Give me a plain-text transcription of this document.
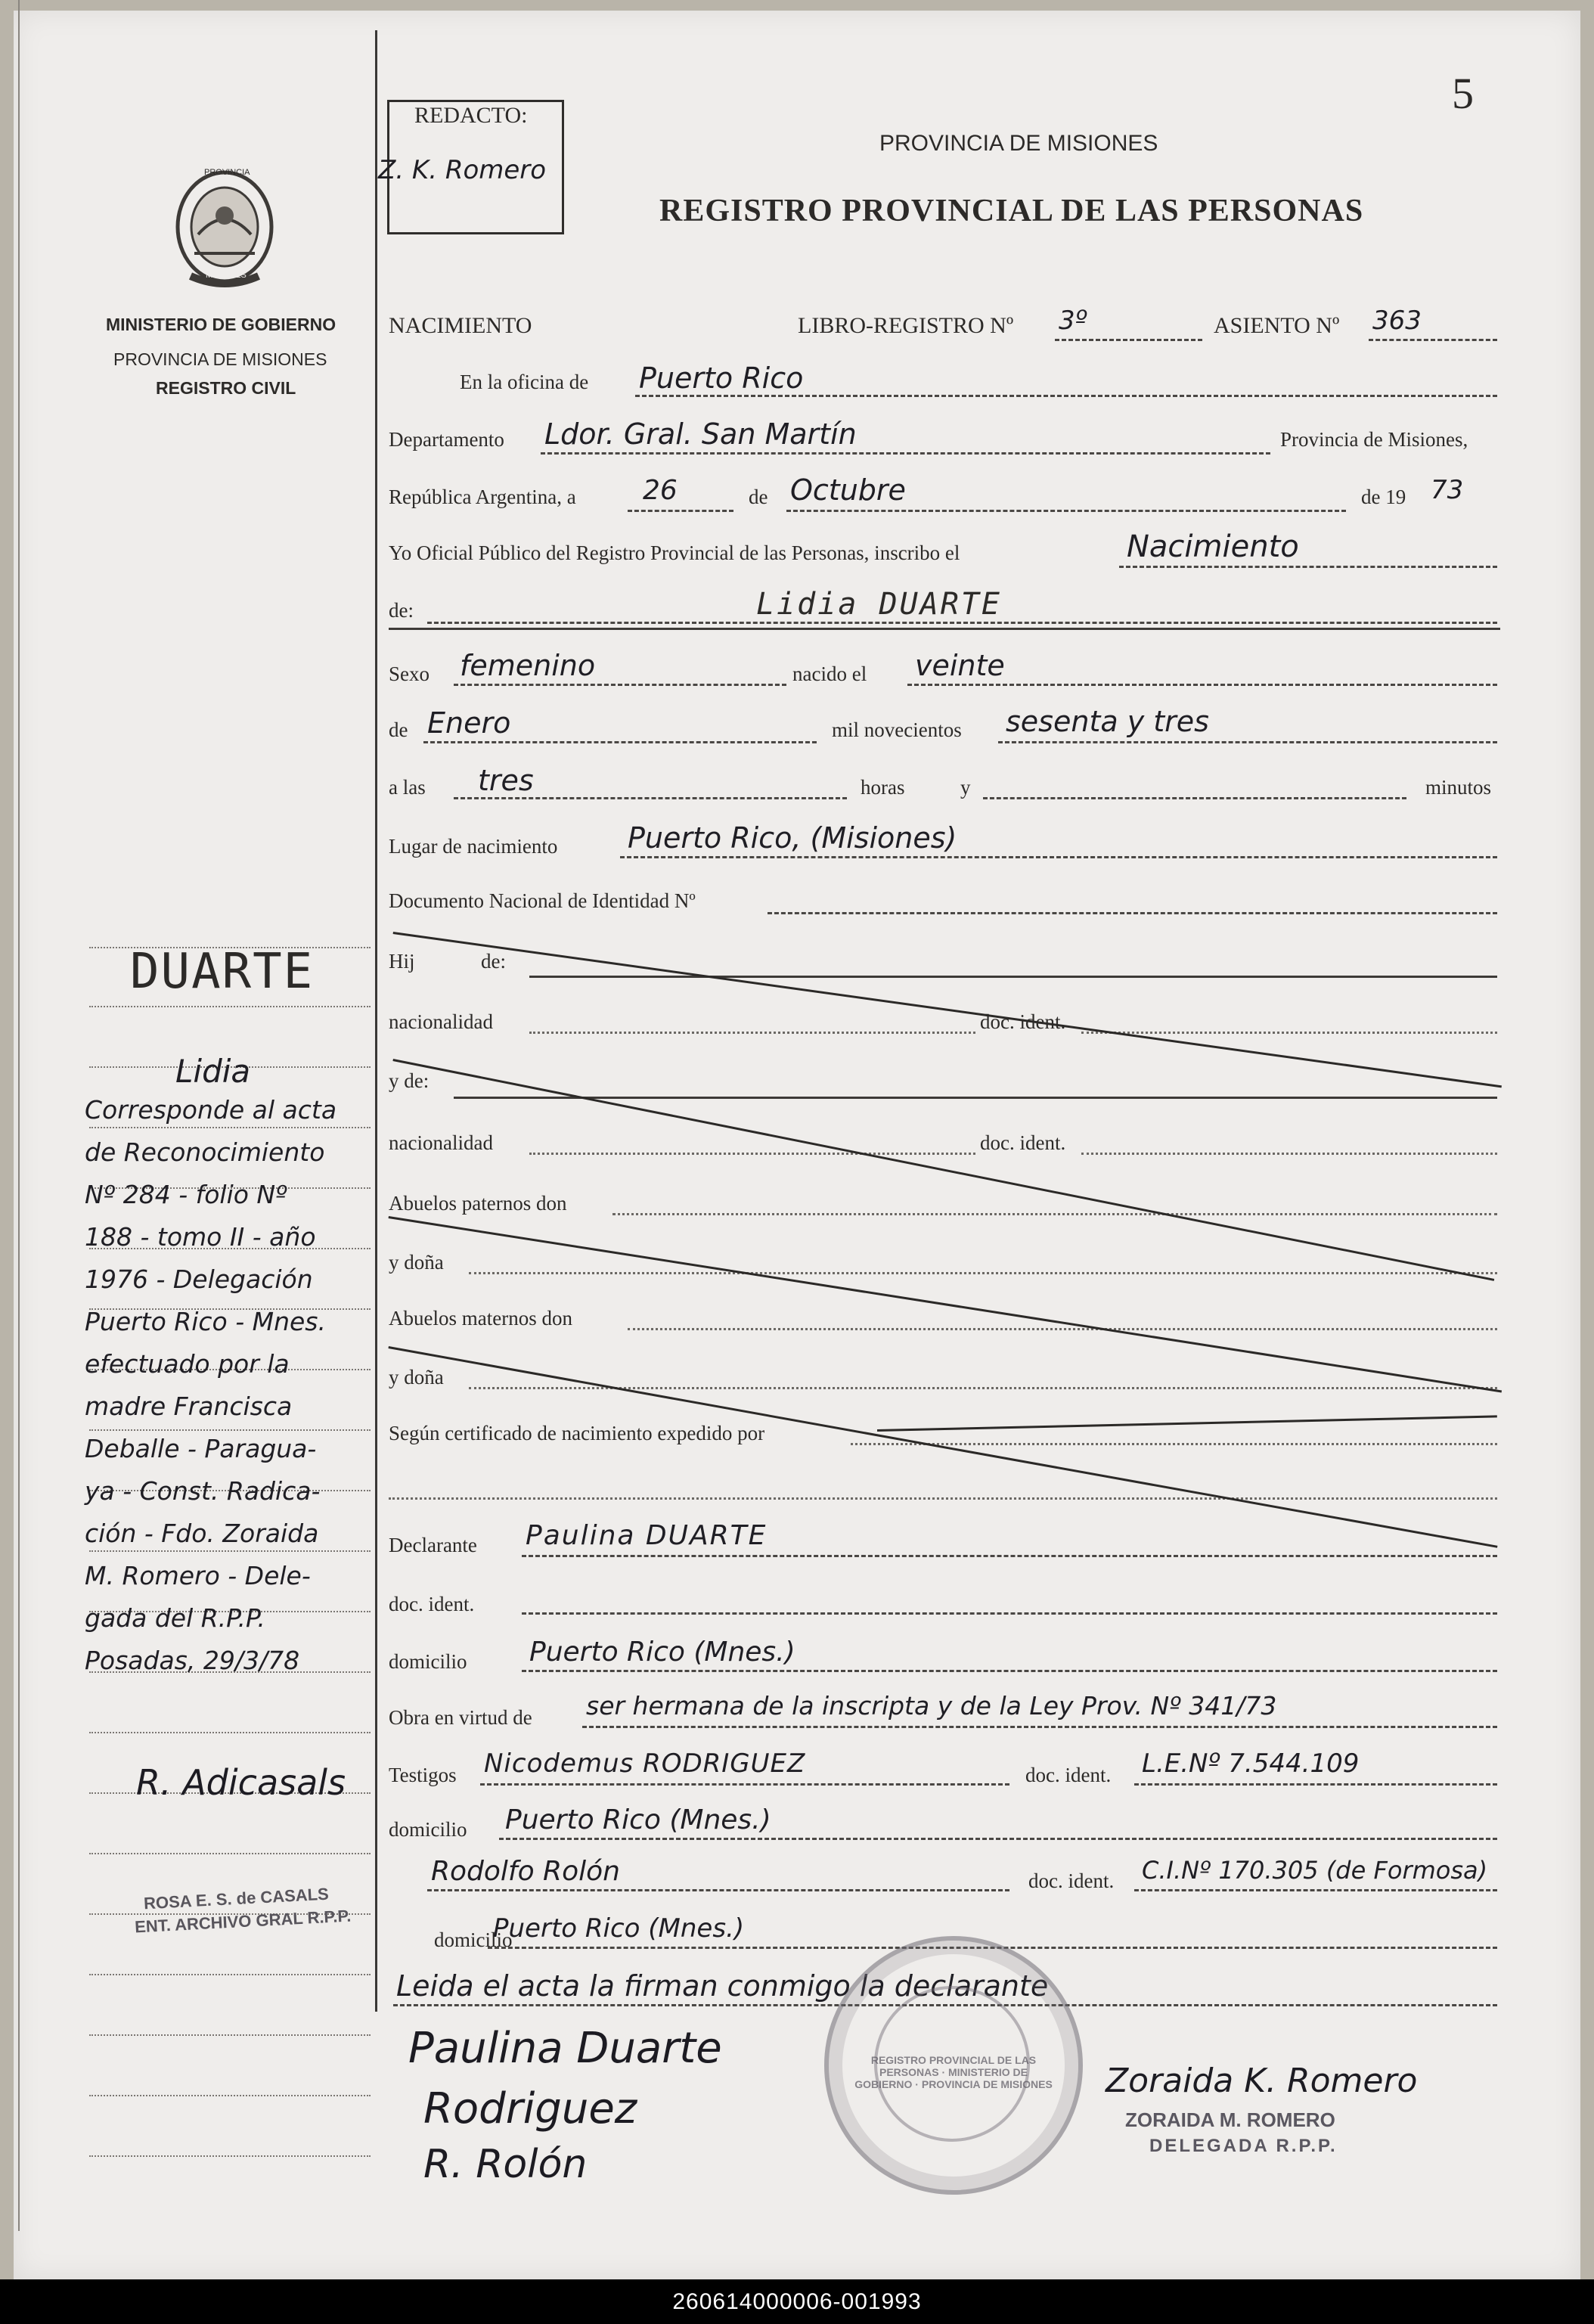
5
REDACTO:
Z. K. Romero
PROVINCIA DE MISIONES
REGISTRO PROVINCIAL DE LAS PERSONAS
PROVINCIA
MISIONES
MINISTERIO DE GOBIERNO
PROVINCIA DE MISIONES
REGISTRO CIVIL
DUARTE
Lidia
Corresponde al acta
de Reconocimiento
Nº 284 - folio Nº
188 - tomo II - año
1976 - Delegación
Puerto Rico - Mnes.
efectuado por la
madre Francisca
Deballe - Paragua-
ya - Const. Radica-
ción - Fdo. Zoraida
M. Romero - Dele-
gada del R.P.P.
Posadas, 29/3/78
R. Adicasals
ROSA E. S. de CASALS
ENT. ARCHIVO GRAL R.P.P.
NACIMIENTO	LIBRO-REGISTRO Nº 3º	ASIENTO Nº 363
En la oficina de Puerto Rico
Departamento Ldor. Gral. San Martín	Provincia de Misiones,
República Argentina, a 26	de Octubre	de 19 73
Yo Oficial Público del Registro Provincial de las Personas, inscribo el	Nacimiento
de:	Lidia DUARTE
Sexo femenino	nacido el veinte
de Enero	mil novecientos sesenta y tres
a las tres	horas	y	minutos
Lugar de nacimiento Puerto Rico, (Misiones)
Documento Nacional de Identidad Nº
Hij	de:
nacionalidad	doc. ident.
y de:
nacionalidad	doc. ident.
Abuelos paternos don
y doña
Abuelos maternos don
y doña
Según certificado de nacimiento expedido por
Declarante Paulina DUARTE
doc. ident.
domicilio Puerto Rico (Mnes.)
Obra en virtud de ser hermana de la inscripta y de la Ley Prov. Nº 341/73
Testigos Nicodemus RODRIGUEZ	doc. ident. L.E.Nº 7.544.109
domicilio Puerto Rico (Mnes.)
Rodolfo Rolón	doc. ident. C.I.Nº 170.305 (de Formosa)
domicilio
Puerto Rico (Mnes.)
Leida el acta la firman conmigo la declarante
Paulina Duarte
Rodriguez
R. Rolón
REGISTRO PROVINCIAL DE LAS PERSONAS · MINISTERIO DE GOBIERNO · PROVINCIA DE MISIONES Zoraida K. Romero
ZORAIDA M. ROMERO
DELEGADA R.P.P.
260614000006-001993
